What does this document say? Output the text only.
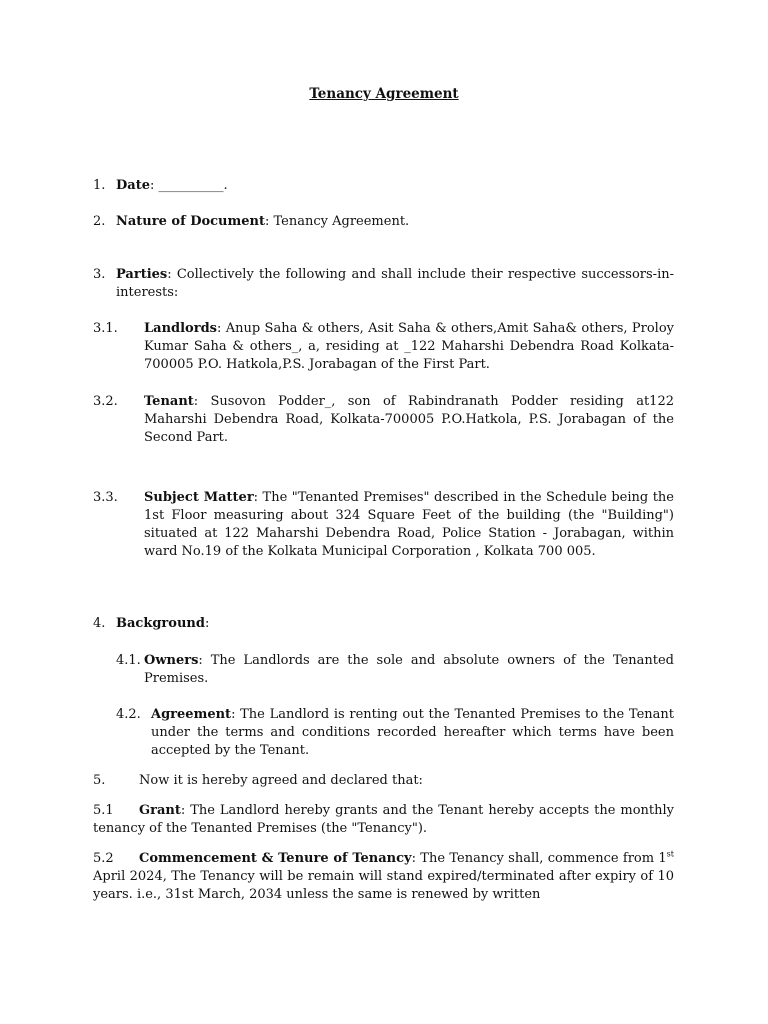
Tenancy Agreement
1. Date: __________.
2. Nature of Document: Tenancy Agreement.
3. Parties: Collectively the following and shall include their respective successors-in-interests:
3.1. Landlords: Anup Saha & others, Asit Saha & others,Amit Saha& others, Proloy Kumar Saha & others_, a, residing at _122 Maharshi Debendra Road Kolkata-700005 P.O. Hatkola,P.S. Jorabagan of the First Part.
3.2. Tenant: Susovon Podder_, son of Rabindranath Podder residing at122 Maharshi Debendra Road, Kolkata-700005 P.O.Hatkola, P.S. Jorabagan of the Second Part.
3.3. Subject Matter: The "Tenanted Premises" described in the Schedule being the 1st Floor measuring about 324 Square Feet of the building (the "Building") situated at 122 Maharshi Debendra Road, Police Station - Jorabagan, within ward No.19 of the Kolkata Municipal Corporation , Kolkata 700 005.
4. Background:
4.1. Owners: The Landlords are the sole and absolute owners of the Tenanted Premises.
4.2. Agreement: The Landlord is renting out the Tenanted Premises to the Tenant under the terms and conditions recorded hereafter which terms have been accepted by the Tenant.
5.	Now it is hereby agreed and declared that:
5.1 Grant: The Landlord hereby grants and the Tenant hereby accepts the monthly tenancy of the Tenanted Premises (the "Tenancy").
5.2 Commencement & Tenure of Tenancy: The Tenancy shall, commence from 1st April 2024, The Tenancy will be remain will stand expired/terminated after expiry of 10 years. i.e., 31st March, 2034 unless the same is renewed by written
